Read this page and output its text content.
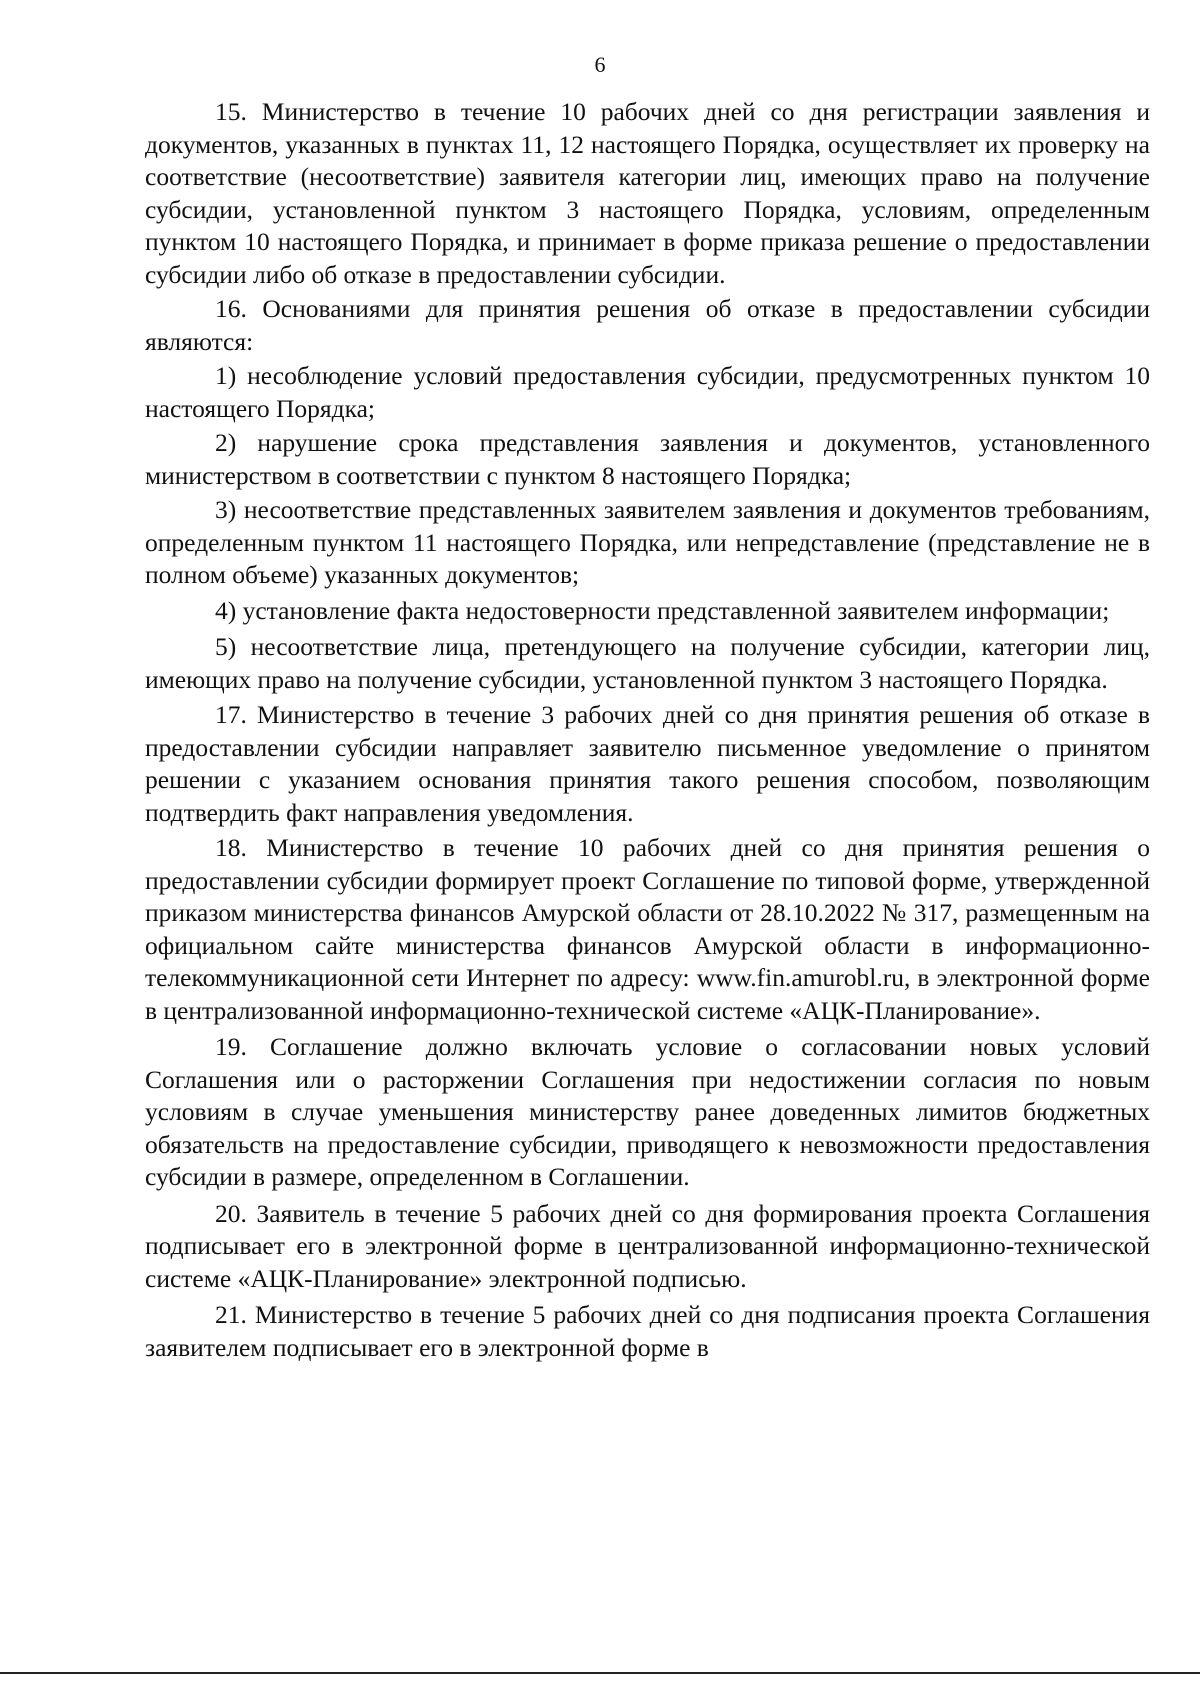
6

15. Министерство в течение 10 рабочих дней со дня регистрации заявления и документов, указанных в пунктах 11, 12 настоящего Порядка, осуществляет их проверку на соответствие (несоответствие) заявителя категории лиц, имеющих право на получение субсидии, установленной пунктом 3 настоящего Порядка, условиям, определенным пунктом 10 настоящего Порядка, и принимает в форме приказа решение о предоставлении субсидии либо об отказе в предоставлении субсидии.

16. Основаниями для принятия решения об отказе в предоставлении субсидии являются:

1) несоблюдение условий предоставления субсидии, предусмотренных пунктом 10 настоящего Порядка;

2) нарушение срока представления заявления и документов, установленного министерством в соответствии с пунктом 8 настоящего Порядка;

3) несоответствие представленных заявителем заявления и документов требованиям, определенным пунктом 11 настоящего Порядка, или непредставление (представление не в полном объеме) указанных документов;

4) установление факта недостоверности представленной заявителем информации;

5) несоответствие лица, претендующего на получение субсидии, категории лиц, имеющих право на получение субсидии, установленной пунктом 3 настоящего Порядка.

17. Министерство в течение 3 рабочих дней со дня принятия решения об отказе в предоставлении субсидии направляет заявителю письменное уведомление о принятом решении с указанием основания принятия такого решения способом, позволяющим подтвердить факт направления уведомления.

18. Министерство в течение 10 рабочих дней со дня принятия решения о предоставлении субсидии формирует проект Соглашение по типовой форме, утвержденной приказом министерства финансов Амурской области от 28.10.2022 № 317, размещенным на официальном сайте министерства финансов Амурской области в информационно-телекоммуникационной сети Интернет по адресу: www.fin.amurobl.ru, в электронной форме в централизованной информационно-технической системе «АЦК-Планирование».

19. Соглашение должно включать условие о согласовании новых условий Соглашения или о расторжении Соглашения при недостижении согласия по новым условиям в случае уменьшения министерству ранее доведенных лимитов бюджетных обязательств на предоставление субсидии, приводящего к невозможности предоставления субсидии в размере, определенном в Соглашении.

20. Заявитель в течение 5 рабочих дней со дня формирования проекта Соглашения подписывает его в электронной форме в централизованной информационно-технической системе «АЦК-Планирование» электронной подписью.

21. Министерство в течение 5 рабочих дней со дня подписания проекта Соглашения заявителем подписывает его в электронной форме в
